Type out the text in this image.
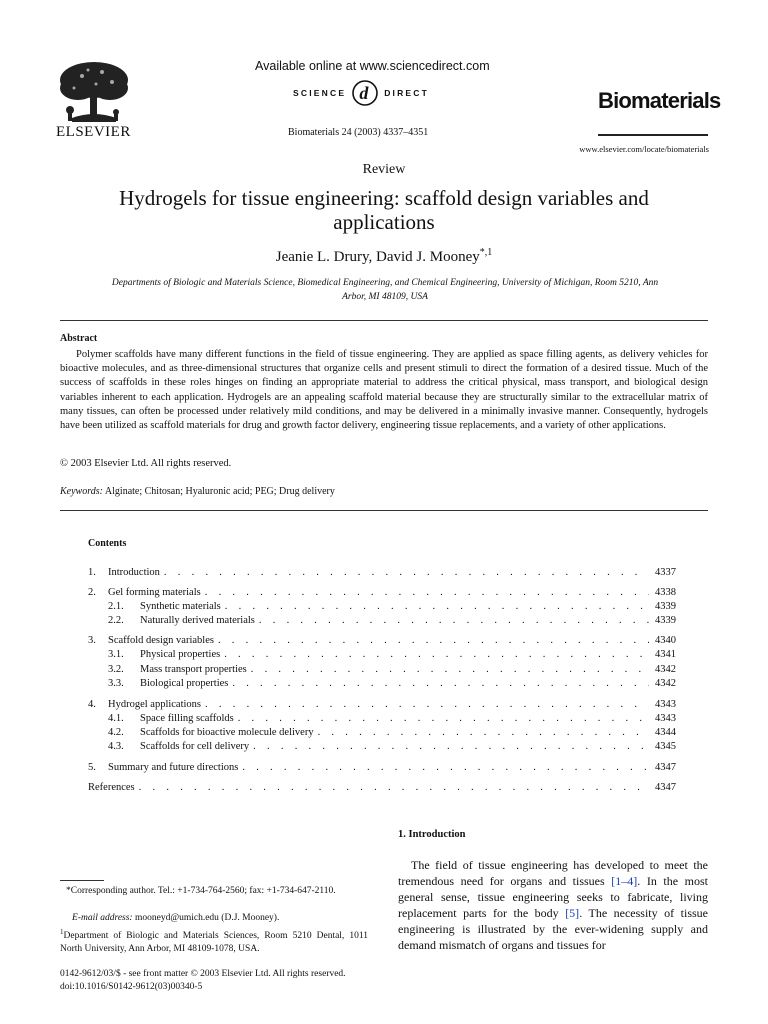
ELSEVIER
Available online at www.sciencedirect.com
SCIENCE d DIRECT
Biomaterials 24 (2003) 4337–4351
Biomaterials
www.elsevier.com/locate/biomaterials
Review
Hydrogels for tissue engineering: scaffold design variables and applications
Jeanie L. Drury, David J. Mooney$^{*,1}$
Departments of Biologic and Materials Science, Biomedical Engineering, and Chemical Engineering, University of Michigan, Room 5210, Ann Arbor, MI 48109, USA
Abstract
Polymer scaffolds have many different functions in the field of tissue engineering. They are applied as space filling agents, as delivery vehicles for bioactive molecules, and as three-dimensional structures that organize cells and present stimuli to direct the formation of a desired tissue. Much of the success of scaffolds in these roles hinges on finding an appropriate material to address the critical physical, mass transport, and biological design variables inherent to each application. Hydrogels are an appealing scaffold material because they are structurally similar to the extracellular matrix of many tissues, can often be processed under relatively mild conditions, and may be delivered in a minimally invasive manner. Consequently, hydrogels have been utilized as scaffold materials for drug and growth factor delivery, engineering tissue replacements, and a variety of other applications.
© 2003 Elsevier Ltd. All rights reserved.
Keywords: Alginate; Chitosan; Hyaluronic acid; PEG; Drug delivery
Contents
1.	Introduction . . .	4337
2.	Gel forming materials . . .	4338
2.1.	Synthetic materials . . .	4339
2.2.	Naturally derived materials . . .	4339
3.	Scaffold design variables . . .	4340
3.1.	Physical properties . . .	4341
3.2.	Mass transport properties . . .	4342
3.3.	Biological properties . . .	4342
4.	Hydrogel applications . . .	4343
4.1.	Space filling scaffolds . . .	4343
4.2.	Scaffolds for bioactive molecule delivery . . .	4344
4.3.	Scaffolds for cell delivery . . .	4345
5.	Summary and future directions . . .	4347
References . . .	4347
1. Introduction
The field of tissue engineering has developed to meet the tremendous need for organs and tissues [1–4]. In the most general sense, tissue engineering seeks to fabricate, living replacement parts for the body [5]. The necessity of tissue engineering is illustrated by the ever-widening supply and demand mismatch of organs and tissues for
*Corresponding author. Tel.: +1-734-764-2560; fax: +1-734-647-2110.
E-mail address: mooneyd@umich.edu (D.J. Mooney).
$^1$Department of Biologic and Materials Sciences, Room 5210 Dental, 1011 North University, Ann Arbor, MI 48109-1078, USA.
0142-9612/03/$ - see front matter © 2003 Elsevier Ltd. All rights reserved.
doi:10.1016/S0142-9612(03)00340-5
